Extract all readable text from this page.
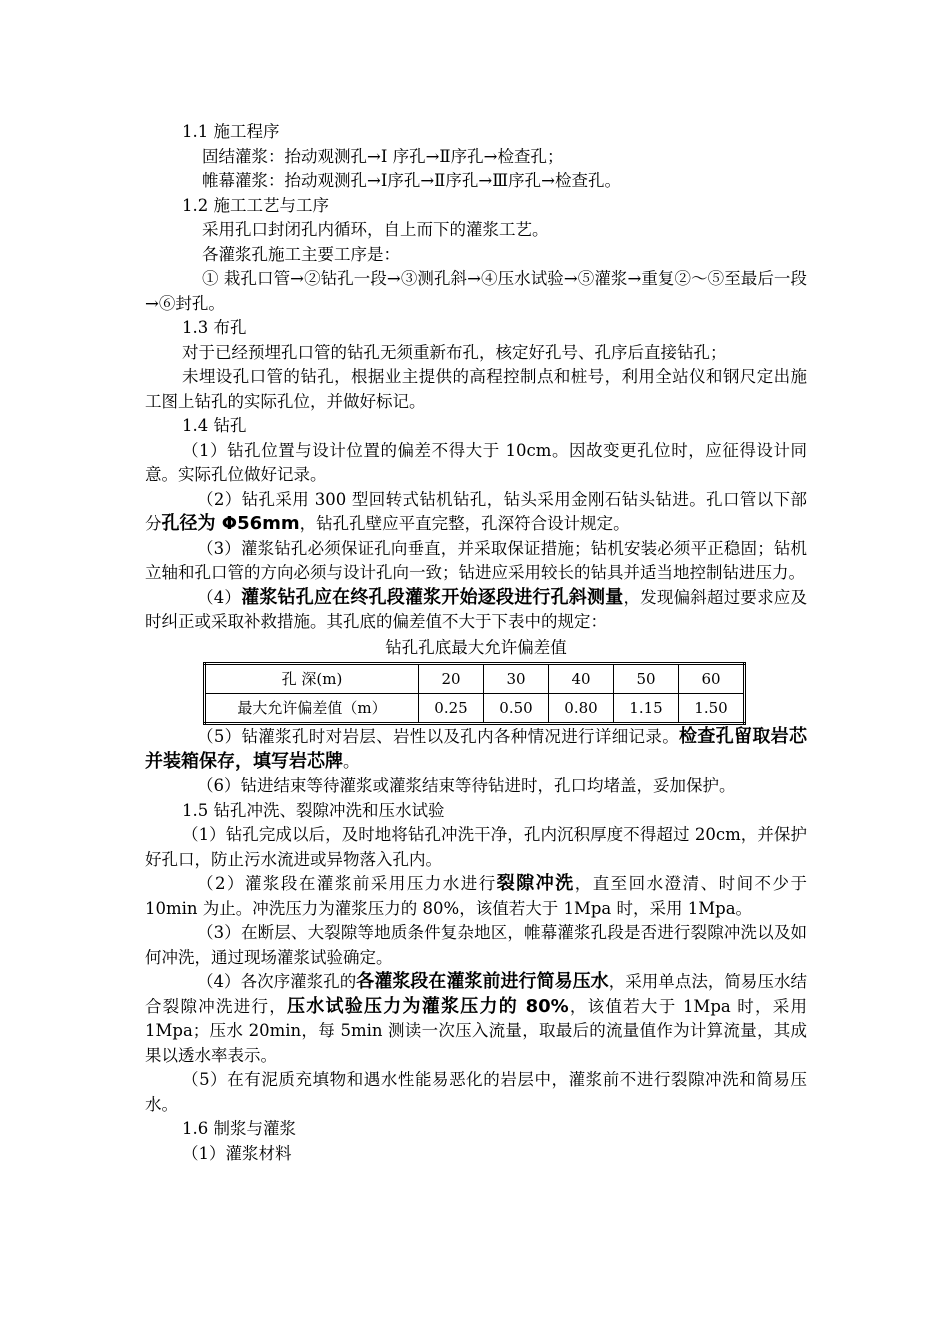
1.1 施工程序

固结灌浆：抬动观测孔→I 序孔→Ⅱ序孔→检查孔；

帷幕灌浆：抬动观测孔→Ⅰ序孔→Ⅱ序孔→Ⅲ序孔→检查孔。

1.2 施工工艺与工序

采用孔口封闭孔内循环，自上而下的灌浆工艺。

各灌浆孔施工主要工序是：

① 栽孔口管→②钻孔一段→③测孔斜→④压水试验→⑤灌浆→重复②～⑤至最后一段→⑥封孔。

1.3 布孔

对于已经预埋孔口管的钻孔无须重新布孔，核定好孔号、孔序后直接钻孔；

未埋设孔口管的钻孔，根据业主提供的高程控制点和桩号，利用全站仪和钢尺定出施工图上钻孔的实际孔位，并做好标记。

1.4 钻孔

（1）钻孔位置与设计位置的偏差不得大于 10cm。因故变更孔位时，应征得设计同意。实际孔位做好记录。

（2）钻孔采用 300 型回转式钻机钻孔，钻头采用金刚石钻头钻进。孔口管以下部分孔径为 Φ56mm，钻孔孔壁应平直完整，孔深符合设计规定。

（3）灌浆钻孔必须保证孔向垂直，并采取保证措施；钻机安装必须平正稳固；钻机立轴和孔口管的方向必须与设计孔向一致；钻进应采用较长的钻具并适当地控制钻进压力。

（4）灌浆钻孔应在终孔段灌浆开始逐段进行孔斜测量，发现偏斜超过要求应及时纠正或采取补救措施。其孔底的偏差值不大于下表中的规定：

钻孔孔底最大允许偏差值

孔 深(m)	20	30	40	50	60
最大允许偏差值（m）	0.25	0.50	0.80	1.15	1.50

（5）钻灌浆孔时对岩层、岩性以及孔内各种情况进行详细记录。检查孔留取岩芯并装箱保存，填写岩芯牌。

（6）钻进结束等待灌浆或灌浆结束等待钻进时，孔口均堵盖，妥加保护。

1.5 钻孔冲洗、裂隙冲洗和压水试验

（1）钻孔完成以后，及时地将钻孔冲洗干净，孔内沉积厚度不得超过 20cm，并保护好孔口，防止污水流进或异物落入孔内。

（2）灌浆段在灌浆前采用压力水进行裂隙冲洗，直至回水澄清、时间不少于 10min 为止。冲洗压力为灌浆压力的 80%，该值若大于 1Mpa 时，采用 1Mpa。

（3）在断层、大裂隙等地质条件复杂地区，帷幕灌浆孔段是否进行裂隙冲洗以及如何冲洗，通过现场灌浆试验确定。

（4）各次序灌浆孔的各灌浆段在灌浆前进行简易压水，采用单点法，简易压水结合裂隙冲洗进行，压水试验压力为灌浆压力的 80%，该值若大于 1Mpa 时，采用 1Mpa；压水 20min，每 5min 测读一次压入流量，取最后的流量值作为计算流量，其成果以透水率表示。

（5）在有泥质充填物和遇水性能易恶化的岩层中，灌浆前不进行裂隙冲洗和简易压水。

1.6 制浆与灌浆

（1）灌浆材料
